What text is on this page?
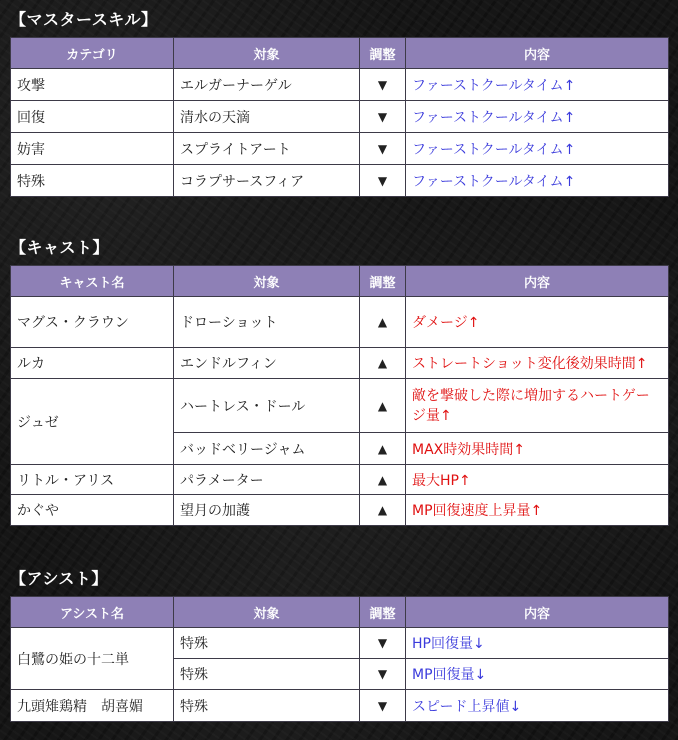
【マスタースキル】
カテゴリ	対象	調整	内容
攻撃	エルガーナーゲル	▼	ファーストクールタイム↑
回復	清水の天滴	▼	ファーストクールタイム↑
妨害	スプライトアート	▼	ファーストクールタイム↑
特殊	コラプサースフィア	▼	ファーストクールタイム↑
【キャスト】
キャスト名	対象	調整	内容
マグス・クラウン	ドローショット	▲	ダメージ↑
ルカ	エンドルフィン	▲	ストレートショット変化後効果時間↑
ジュゼ	ハートレス・ドール	▲	敵を撃破した際に増加するハートゲージ量↑
	バッドベリージャム	▲	MAX時効果時間↑
リトル・アリス	パラメーター	▲	最大HP↑
かぐや	望月の加護	▲	MP回復速度上昇量↑
【アシスト】
アシスト名	対象	調整	内容
白鷺の姫の十二単	特殊	▼	HP回復量↓
	特殊	▼	MP回復量↓
九頭雉鶏精　胡喜媚	特殊	▼	スピード上昇値↓
